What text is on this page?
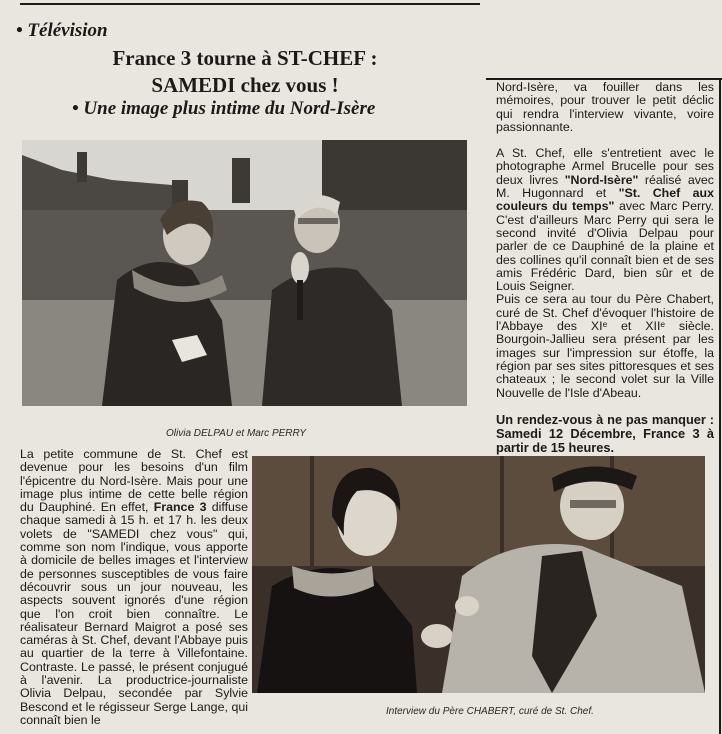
• Télévision
France 3 tourne à ST-CHEF :
SAMEDI chez vous !
• Une image plus intime du Nord-Isère
Olivia DELPAU et Marc PERRY

La petite commune de St. Chef est devenue pour les besoins d'un film l'épicentre du Nord-Isère. Mais pour une image plus intime de cette belle région du Dauphiné. En effet, France 3 diffuse chaque samedi à 15 h. et 17 h. les deux volets de "SAMEDI chez vous" qui, comme son nom l'indique, vous apporte à domicile de belles images et l'interview de personnes susceptibles de vous faire découvrir sous un jour nouveau, les aspects souvent ignorés d'une région que l'on croit bien connaître. Le réalisateur Bernard Maigrot a posé ses caméras à St. Chef, devant l'Abbaye puis au quartier de la terre à Villefontaine. Contraste. Le passé, le présent conjugué à l'avenir. La productrice-journaliste Olivia Delpau, secondée par Sylvie Bescond et le régisseur Serge Lange, qui connaît bien le

Interview du Père CHABERT, curé de St. Chef.

Nord-Isère, va fouiller dans les mémoires, pour trouver le petit déclic qui rendra l'interview vivante, voire passionnante.

A St. Chef, elle s'entretient avec le photographe Armel Brucelle pour ses deux livres "Nord-Isère" réalisé avec M. Hugonnard et "St. Chef aux couleurs du temps" avec Marc Perry. C'est d'ailleurs Marc Perry qui sera le second invité d'Olivia Delpau pour parler de ce Dauphiné de la plaine et des collines qu'il connaît bien et de ses amis Frédéric Dard, bien sûr et de Louis Seigner.

Puis ce sera au tour du Père Chabert, curé de St. Chef d'évoquer l'histoire de l'Abbaye des XIᵉ et XIIᵉ siècle. Bourgoin-Jallieu sera présent par les images sur l'impression sur étoffe, la région par ses sites pittoresques et ses chateaux ; le second volet sur la Ville Nouvelle de l'Isle d'Abeau.

Un rendez-vous à ne pas manquer : Samedi 12 Décembre, France 3 à partir de 15 heures.
